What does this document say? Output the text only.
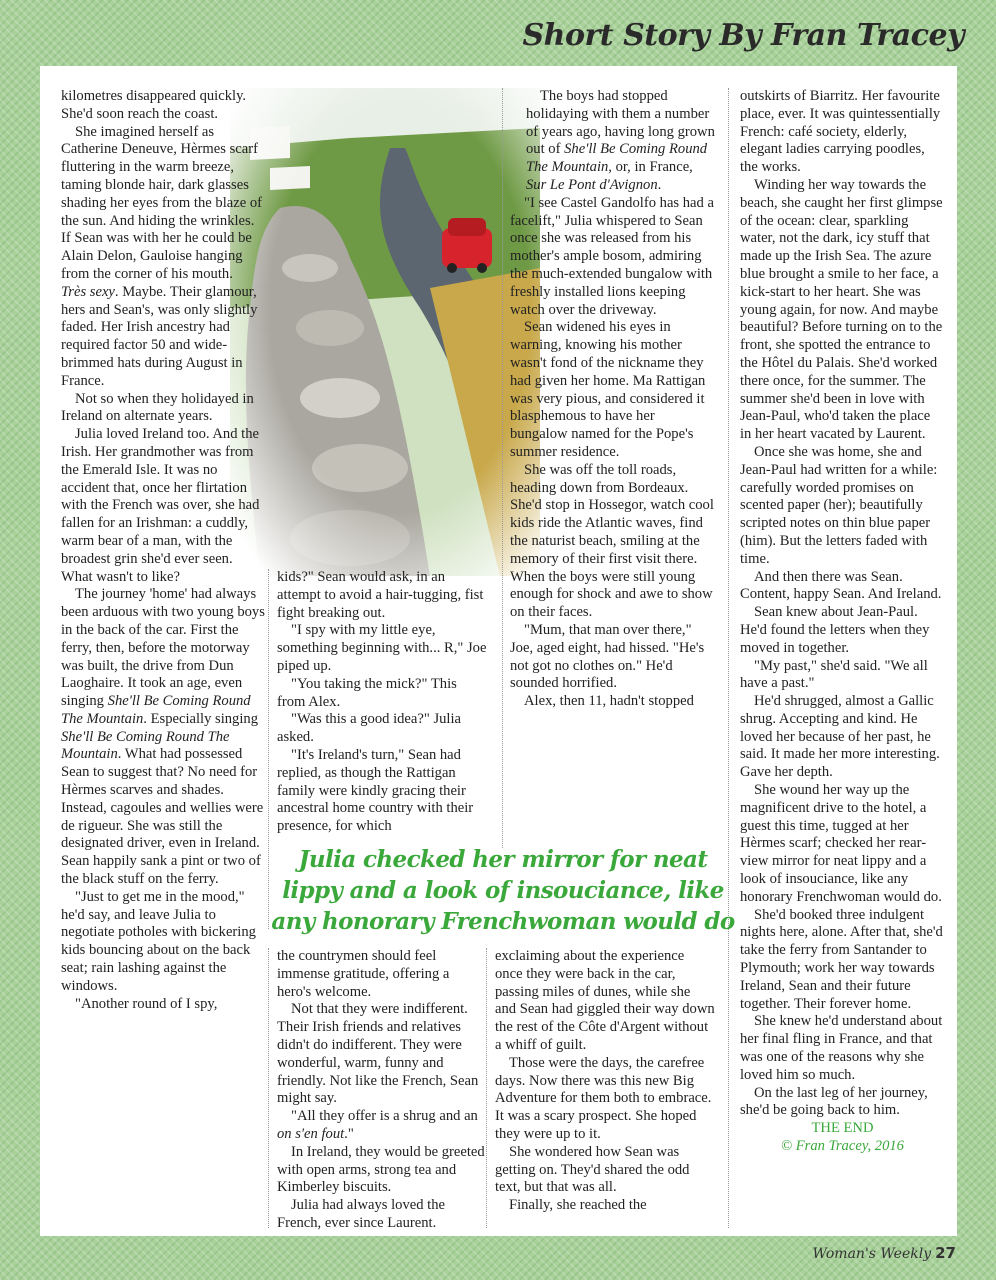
Short Story By Fran Tracey

kilometres disappeared quickly. She'd soon reach the coast.

She imagined herself as Catherine Deneuve, Hèrmes scarf fluttering in the warm breeze, taming blonde hair, dark glasses shading her eyes from the blaze of the sun. And hiding the wrinkles. If Sean was with her he could be Alain Delon, Gauloise hanging from the corner of his mouth.

Très sexy. Maybe. Their glamour, hers and Sean's, was only slightly faded. Her Irish ancestry had required factor 50 and wide-brimmed hats during August in France.

Not so when they holidayed in Ireland on alternate years.

Julia loved Ireland too. And the Irish. Her grandmother was from the Emerald Isle. It was no accident that, once her flirtation with the French was over, she had fallen for an Irishman: a cuddly, warm bear of a man, with the broadest grin she'd ever seen. What wasn't to like?

The journey 'home' had always been arduous with two young boys in the back of the car. First the ferry, then, before the motorway was built, the drive from Dun Laoghaire. It took an age, even singing She'll Be Coming Round The Mountain. Especially singing She'll Be Coming Round The Mountain. What had possessed Sean to suggest that? No need for Hèrmes scarves and shades. Instead, cagoules and wellies were de rigueur. She was still the designated driver, even in Ireland. Sean happily sank a pint or two of the black stuff on the ferry.

"Just to get me in the mood," he'd say, and leave Julia to negotiate potholes with bickering kids bouncing about on the back seat; rain lashing against the windows.

"Another round of I spy,

kids?" Sean would ask, in an attempt to avoid a hair-tugging, fist fight breaking out.

"I spy with my little eye, something beginning with... R," Joe piped up.

"You taking the mick?" This from Alex.

"Was this a good idea?" Julia asked.

"It's Ireland's turn," Sean had replied, as though the Rattigan family were kindly gracing their ancestral home country with their presence, for which

the countrymen should feel immense gratitude, offering a hero's welcome.

Not that they were indifferent. Their Irish friends and relatives didn't do indifferent. They were wonderful, warm, funny and friendly. Not like the French, Sean might say.

"All they offer is a shrug and an on s'en fout."

In Ireland, they would be greeted with open arms, strong tea and Kimberley biscuits.

Julia had always loved the French, ever since Laurent.

The boys had stopped holidaying with them a number of years ago, having long grown out of She'll Be Coming Round The Mountain, or, in France, Sur Le Pont d'Avignon.

"I see Castel Gandolfo has had a facelift," Julia whispered to Sean once she was released from his mother's ample bosom, admiring the much-extended bungalow with freshly installed lions keeping watch over the driveway.

Sean widened his eyes in warning, knowing his mother wasn't fond of the nickname they had given her home. Ma Rattigan was very pious, and considered it blasphemous to have her bungalow named for the Pope's summer residence.

She was off the toll roads, heading down from Bordeaux. She'd stop in Hossegor, watch cool kids ride the Atlantic waves, find the naturist beach, smiling at the memory of their first visit there. When the boys were still young enough for shock and awe to show on their faces.

"Mum, that man over there," Joe, aged eight, had hissed. "He's not got no clothes on." He'd sounded horrified.

Alex, then 11, hadn't stopped

exclaiming about the experience once they were back in the car, passing miles of dunes, while she and Sean had giggled their way down the rest of the Côte d'Argent without a whiff of guilt.

Those were the days, the carefree days. Now there was this new Big Adventure for them both to embrace. It was a scary prospect. She hoped they were up to it.

She wondered how Sean was getting on. They'd shared the odd text, but that was all.

Finally, she reached the

outskirts of Biarritz. Her favourite place, ever. It was quintessentially French: café society, elderly, elegant ladies carrying poodles, the works.

Winding her way towards the beach, she caught her first glimpse of the ocean: clear, sparkling water, not the dark, icy stuff that made up the Irish Sea. The azure blue brought a smile to her face, a kick-start to her heart. She was young again, for now. And maybe beautiful? Before turning on to the front, she spotted the entrance to the Hôtel du Palais. She'd worked there once, for the summer. The summer she'd been in love with Jean-Paul, who'd taken the place in her heart vacated by Laurent.

Once she was home, she and Jean-Paul had written for a while: carefully worded promises on scented paper (her); beautifully scripted notes on thin blue paper (him). But the letters faded with time.

And then there was Sean. Content, happy Sean. And Ireland.

Sean knew about Jean-Paul. He'd found the letters when they moved in together.

"My past," she'd said. "We all have a past."

He'd shrugged, almost a Gallic shrug. Accepting and kind. He loved her because of her past, he said. It made her more interesting. Gave her depth.

She wound her way up the magnificent drive to the hotel, a guest this time, tugged at her Hèrmes scarf; checked her rear-view mirror for neat lippy and a look of insouciance, like any honorary Frenchwoman would do.

She'd booked three indulgent nights here, alone. After that, she'd take the ferry from Santander to Plymouth; work her way towards Ireland, Sean and their future together. Their forever home.

She knew he'd understand about her final fling in France, and that was one of the reasons why she loved him so much.

On the last leg of her journey, she'd be going back to him.

THE END

© Fran Tracey, 2016

Julia checked her mirror for neat lippy and a look of insouciance, like any honorary Frenchwoman would do

Woman's Weekly 27
